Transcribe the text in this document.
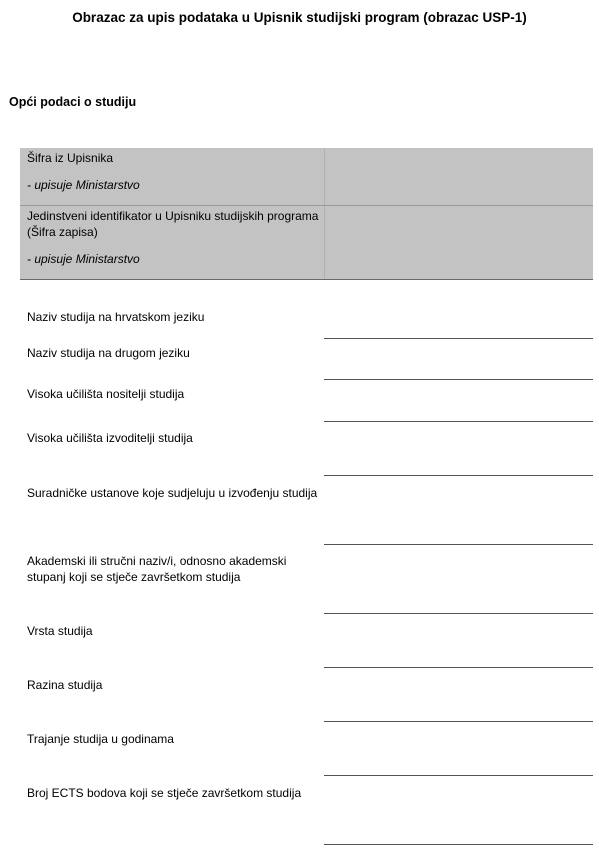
Obrazac za upis podataka u Upisnik studijski program (obrazac USP-1)
Opći podaci o studiju
Šifra iz Upisnika
- upisuje Ministarstvo
Jedinstveni identifikator u Upisniku studijskih programa (Šifra zapisa)
- upisuje Ministarstvo
Naziv studija na hrvatskom jeziku
Naziv studija na drugom jeziku
Visoka učilišta nositelji studija
Visoka učilišta izvoditelji studija
Suradničke ustanove koje sudjeluju u izvođenju studija
Akademski ili stručni naziv/i, odnosno akademski stupanj koji se stječe završetkom studija
Vrsta studija
Razina studija
Trajanje studija u godinama
Broj ECTS bodova koji se stječe završetkom studija
